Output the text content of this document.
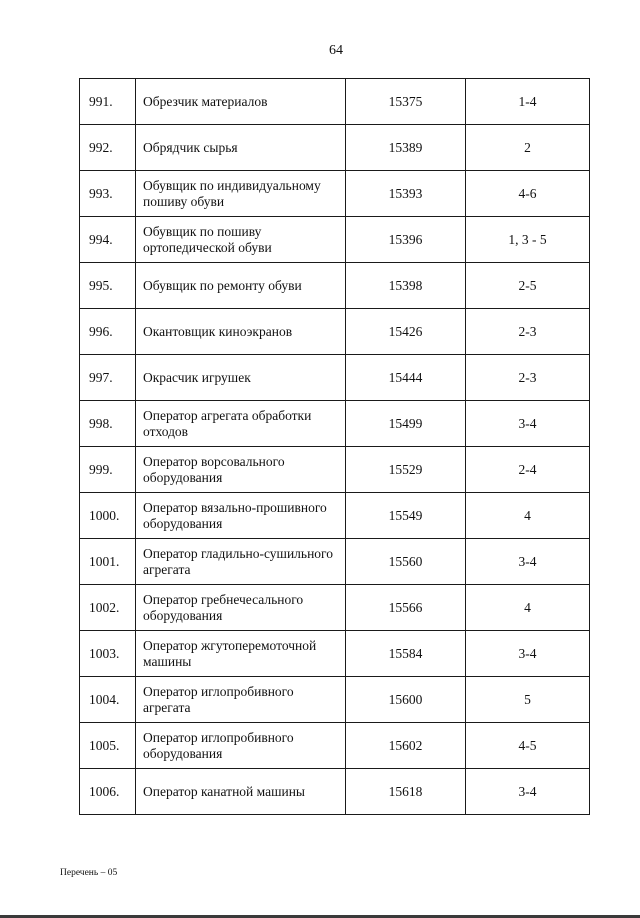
64
991.	Обрезчик материалов	15375	1-4
992.	Обрядчик сырья	15389	2
993.	Обувщик по индивидуальному пошиву обуви	15393	4-6
994.	Обувщик по пошиву ортопедической обуви	15396	1, 3 - 5
995.	Обувщик по ремонту обуви	15398	2-5
996.	Окантовщик киноэкранов	15426	2-3
997.	Окрасчик игрушек	15444	2-3
998.	Оператор агрегата обработки отходов	15499	3-4
999.	Оператор ворсовального оборудования	15529	2-4
1000.	Оператор вязально-прошивного оборудования	15549	4
1001.	Оператор гладильно-сушильного агрегата	15560	3-4
1002.	Оператор гребнечесального оборудования	15566	4
1003.	Оператор жгутоперемоточной машины	15584	3-4
1004.	Оператор иглопробивного агрегата	15600	5
1005.	Оператор иглопробивного оборудования	15602	4-5
1006.	Оператор канатной машины	15618	3-4
Перечень – 05
